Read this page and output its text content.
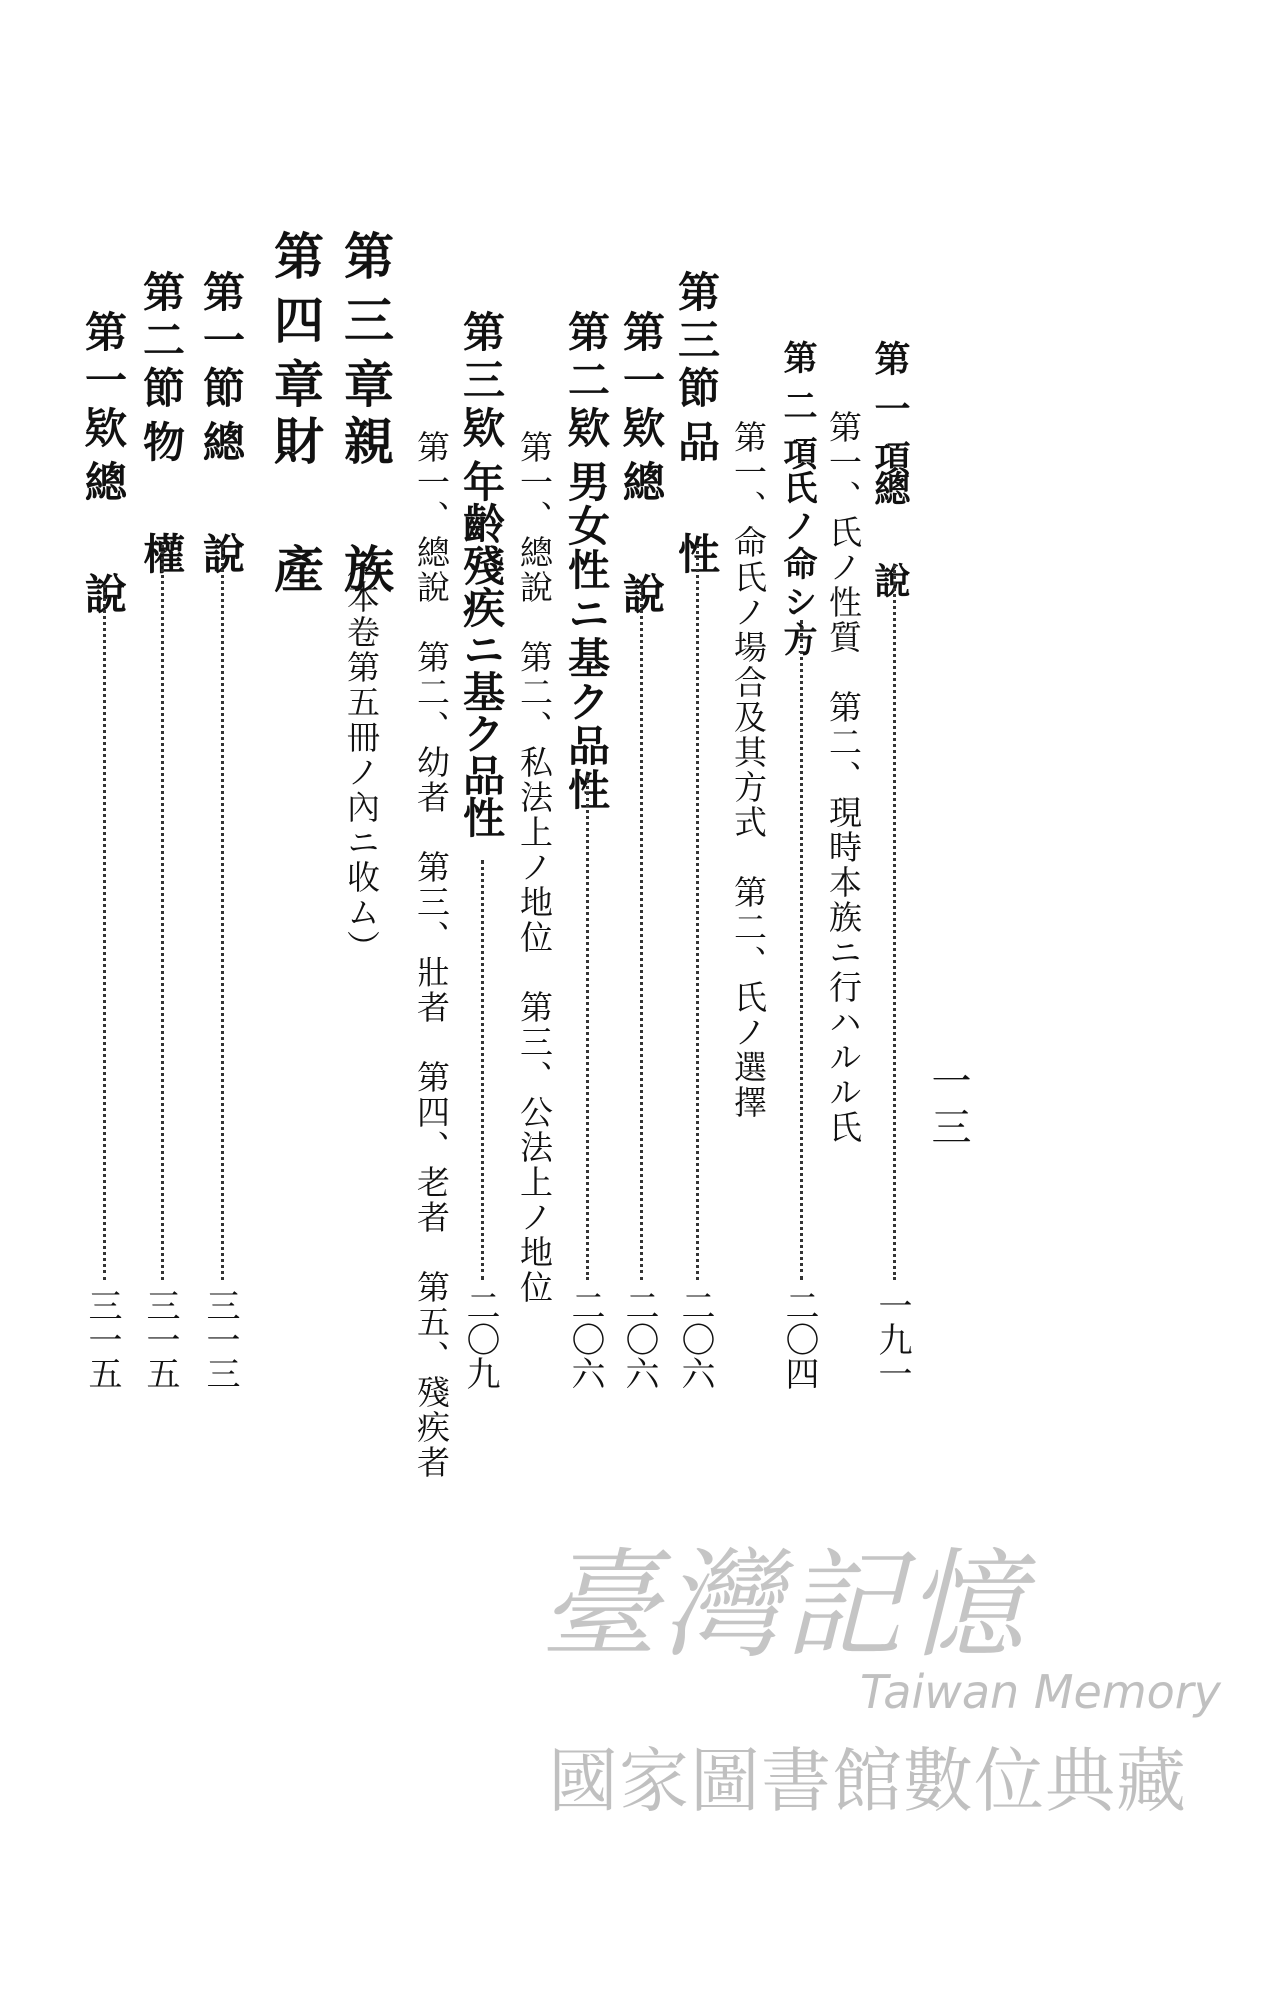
一三
第一項
總　說
一九一
第一、氏ノ性質　第二、現時本族ニ行ハルル氏
第二項
氏ノ命シ方
二〇四
第一、命氏ノ場合及其方式　第二、氏ノ選擇
第三節
品　性
二〇六
第一欵
總　說
二〇六
第二欵
男女性ニ基ク品性
二〇六
第一、總說　第二、私法上ノ地位　第三、公法上ノ地位
第三欵
年齡殘疾ニ基ク品性
二〇九
第一、總說　第二、幼者　第三、壯者　第四、老者　第五、殘疾者
第三章
親　族
（本卷第五冊ノ內ニ收ム）
第四章
財　產
第一節
總　說
三一三
第二節
物　權
三一五
第一欵
總　說
三一五
臺灣記憶
Taiwan Memory
國家圖書館數位典藏
